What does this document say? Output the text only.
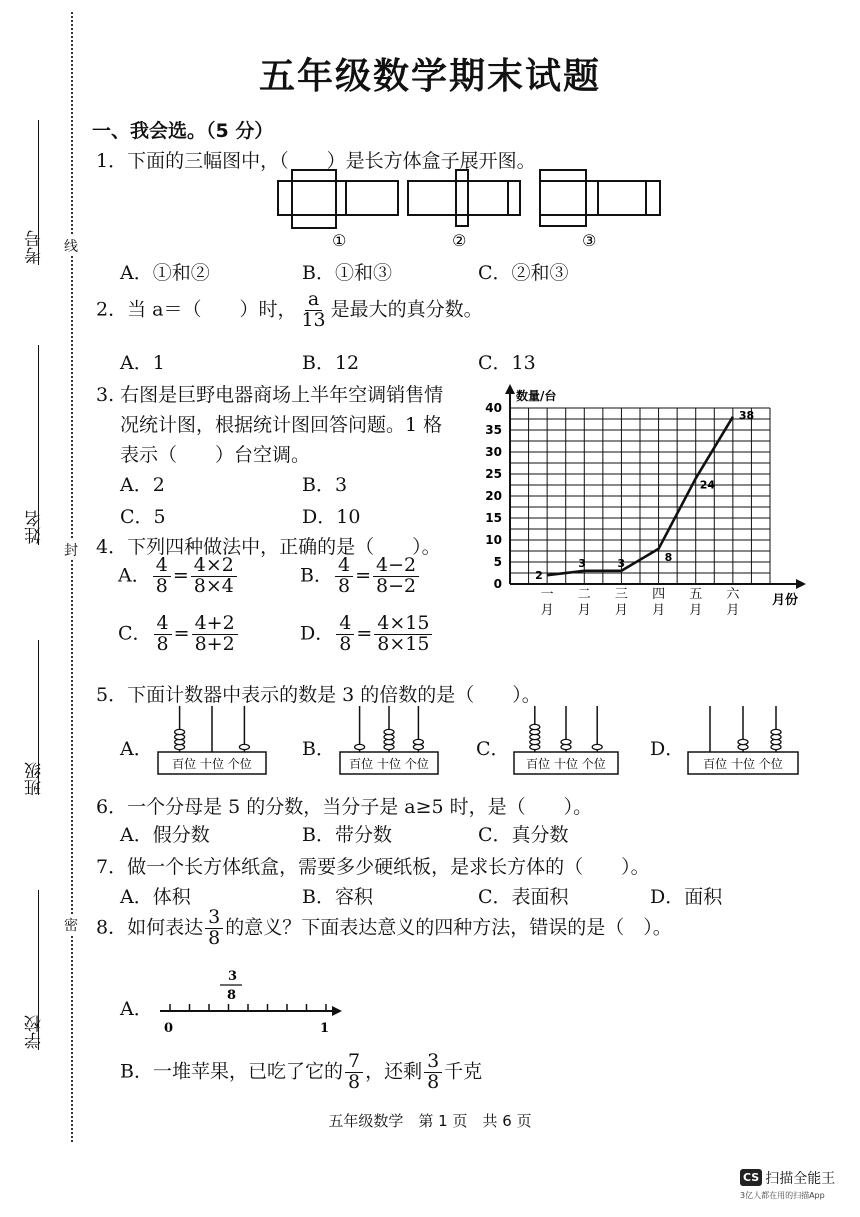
线
封
密
考号
姓名
班级
学校
五年级数学期末试题
一、我会选。（5 分）
1．下面的三幅图中，（　　）是长方体盒子展开图。
①	②	③
A．①和②	B．①和③	C．②和③
2．当 a＝（　　）时， $\frac{a}{13}$ 是最大的真分数。
A．1	B．12	C．13
3. 右图是巨野电器商场上半年空调销售情
况统计图，根据统计图回答问题。1 格
表示（　　）台空调。
A．2	B．3
C．5	D．10
0
5
10
15
20
25
30
35
40
数量/台
月份
一
月
二
月
三
月
四
月
五
月
六
月
2
3	3	8
24
38
4．下列四种做法中，正确的是（　　）。
A． $\frac{4}{8} = \frac{4\times 2}{8\times 4}$	B． $\frac{4}{8} = \frac{4-2}{8-2}$
C． $\frac{4}{8} = \frac{4+2}{8+2}$	D． $\frac{4}{8} = \frac{4\times 15}{8\times 15}$
5．下面计数器中表示的数是 3 的倍数的是（　　）。
A．
百位 十位 个位
B．
百位 十位 个位
C．
百位 十位 个位
D．
百位 十位 个位
6．一个分母是 5 的分数，当分子是 a≥5 时，是（　　）。
A．假分数	B．带分数	C．真分数
7．做一个长方体纸盒，需要多少硬纸板，是求长方体的（　　）。
A．体积	B．容积	C．表面积	D．面积
8．如何表达 $\frac{3}{8}$ 的意义？下面表达意义的四种方法，错误的是（　）。
A．
3
8
0	1
B．一堆苹果，已吃了它的 $\frac{7}{8}$ ，还剩 $\frac{3}{8}$ 千克
五年级数学　第 1 页　共 6 页
CS 扫描全能王
3亿人都在用的扫描App
